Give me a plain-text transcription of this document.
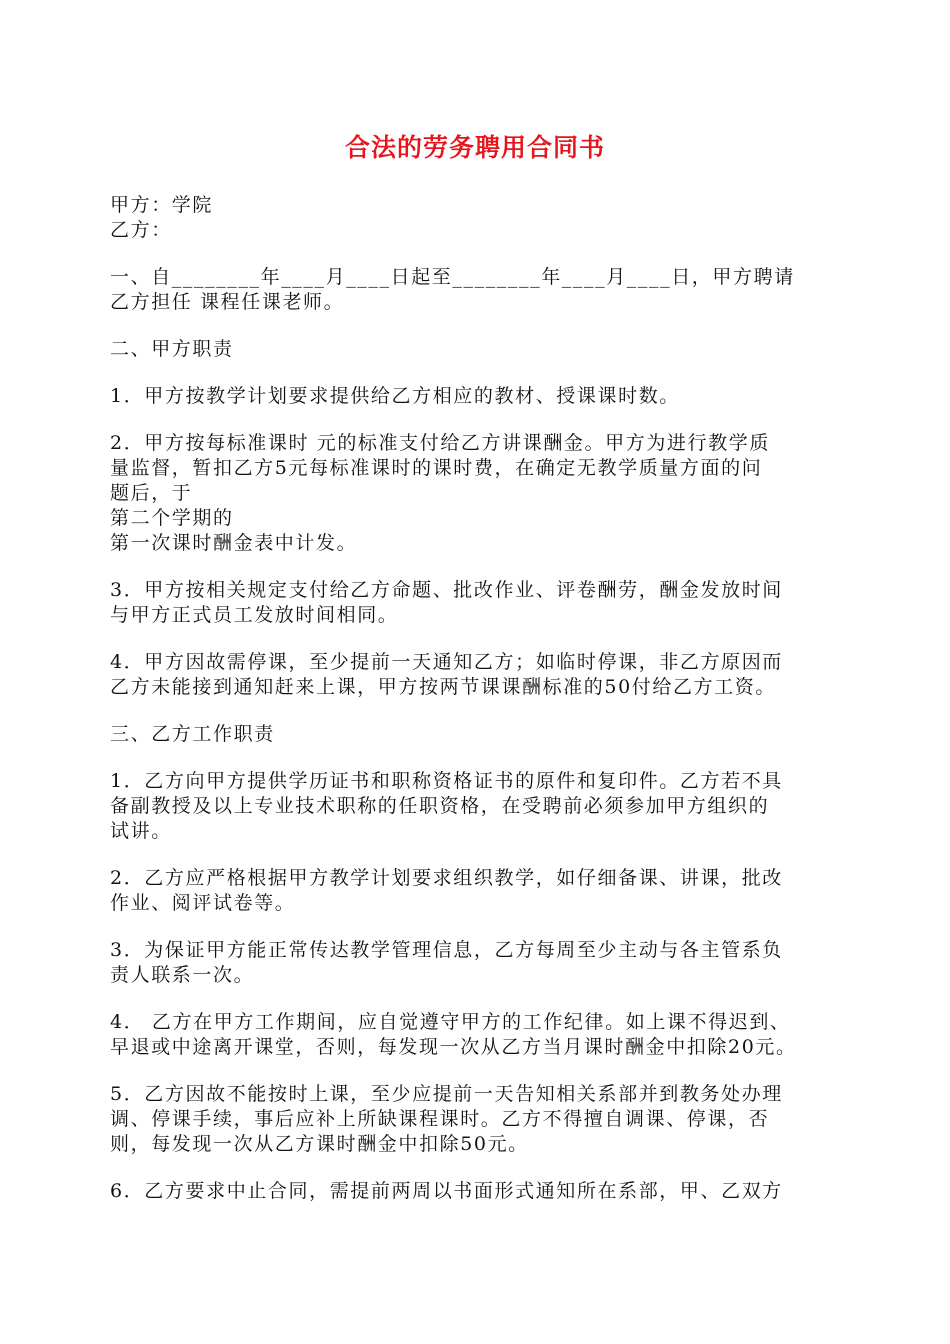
合法的劳务聘用合同书
甲方：学院
乙方：
一、自________年____月____日起至________年____月____日，甲方聘请
乙方担任 课程任课老师。
二、甲方职责
1．甲方按教学计划要求提供给乙方相应的教材、授课课时数。
2．甲方按每标准课时 元的标准支付给乙方讲课酬金。甲方为进行教学质
量监督，暂扣乙方5元每标准课时的课时费，在确定无教学质量方面的问
题后，于
第二个学期的
第一次课时酬金表中计发。
3．甲方按相关规定支付给乙方命题、批改作业、评卷酬劳，酬金发放时间
与甲方正式员工发放时间相同。
4．甲方因故需停课，至少提前一天通知乙方；如临时停课，非乙方原因而
乙方未能接到通知赶来上课，甲方按两节课课酬标准的50付给乙方工资。
三、乙方工作职责
1．乙方向甲方提供学历证书和职称资格证书的原件和复印件。乙方若不具
备副教授及以上专业技术职称的任职资格，在受聘前必须参加甲方组织的
试讲。
2．乙方应严格根据甲方教学计划要求组织教学，如仔细备课、讲课，批改
作业、阅评试卷等。
3．为保证甲方能正常传达教学管理信息，乙方每周至少主动与各主管系负
责人联系一次。
4． 乙方在甲方工作期间，应自觉遵守甲方的工作纪律。如上课不得迟到、
早退或中途离开课堂，否则，每发现一次从乙方当月课时酬金中扣除20元。
5．乙方因故不能按时上课，至少应提前一天告知相关系部并到教务处办理
调、停课手续，事后应补上所缺课程课时。乙方不得擅自调课、停课，否
则，每发现一次从乙方课时酬金中扣除50元。
6．乙方要求中止合同，需提前两周以书面形式通知所在系部，甲、乙双方
